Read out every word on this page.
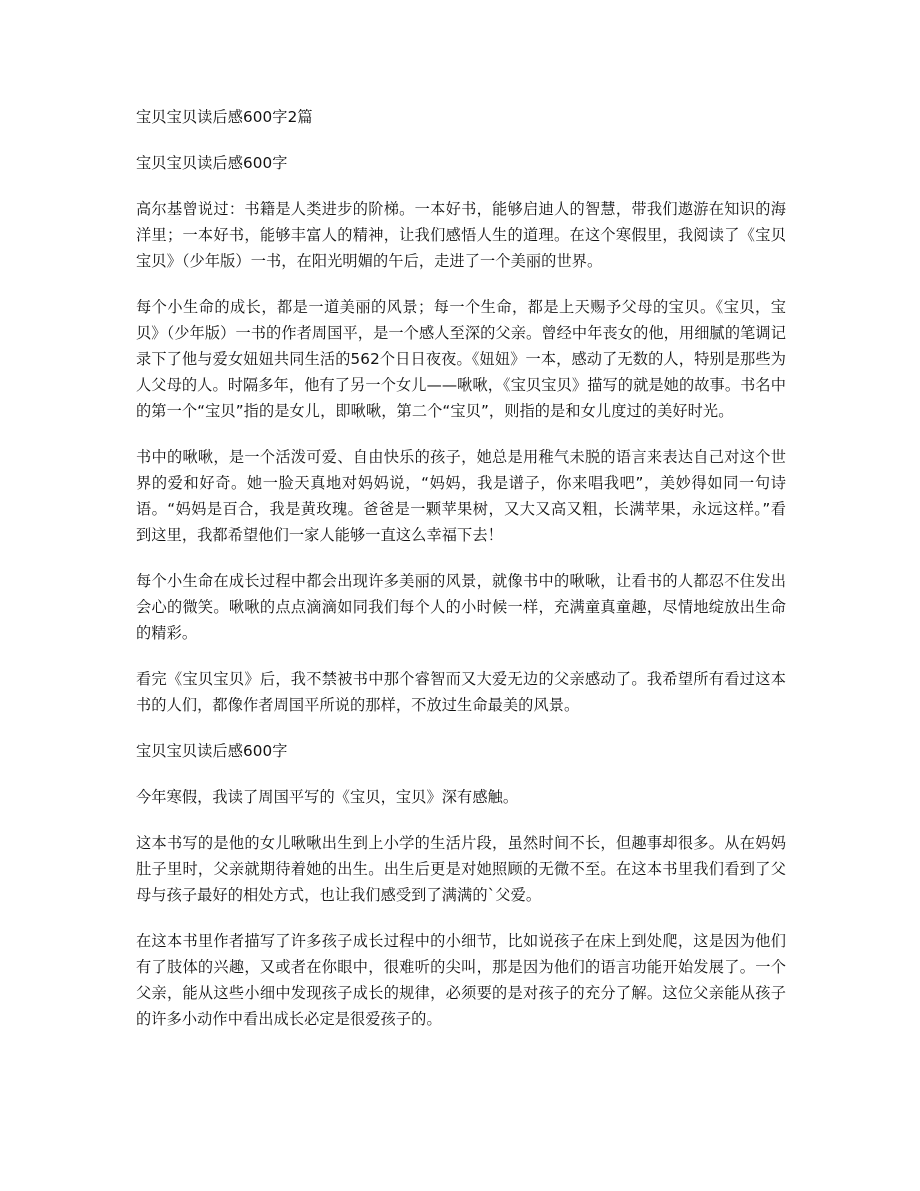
宝贝宝贝读后感600字2篇
宝贝宝贝读后感600字
高尔基曾说过：书籍是人类进步的阶梯。一本好书，能够启迪人的智慧，带我们遨游在知识的海洋里；一本好书，能够丰富人的精神，让我们感悟人生的道理。在这个寒假里，我阅读了《宝贝宝贝》（少年版）一书，在阳光明媚的午后，走进了一个美丽的世界。
每个小生命的成长，都是一道美丽的风景；每一个生命，都是上天赐予父母的宝贝。《宝贝，宝贝》（少年版）一书的作者周国平，是一个感人至深的父亲。曾经中年丧女的他，用细腻的笔调记录下了他与爱女妞妞共同生活的562个日日夜夜。《妞妞》一本，感动了无数的人，特别是那些为人父母的人。时隔多年，他有了另一个女儿——啾啾，《宝贝宝贝》描写的就是她的故事。书名中的第一个“宝贝”指的是女儿，即啾啾，第二个“宝贝”，则指的是和女儿度过的美好时光。
书中的啾啾，是一个活泼可爱、自由快乐的孩子，她总是用稚气未脱的语言来表达自己对这个世界的爱和好奇。她一脸天真地对妈妈说，“妈妈，我是谱子，你来唱我吧”，美妙得如同一句诗语。“妈妈是百合，我是黄玫瑰。爸爸是一颗苹果树，又大又高又粗，长满苹果，永远这样。”看到这里，我都希望他们一家人能够一直这么幸福下去！
每个小生命在成长过程中都会出现许多美丽的风景，就像书中的啾啾，让看书的人都忍不住发出会心的微笑。啾啾的点点滴滴如同我们每个人的小时候一样，充满童真童趣，尽情地绽放出生命的精彩。
看完《宝贝宝贝》后，我不禁被书中那个睿智而又大爱无边的父亲感动了。我希望所有看过这本书的人们，都像作者周国平所说的那样，不放过生命最美的风景。
宝贝宝贝读后感600字
今年寒假，我读了周国平写的《宝贝，宝贝》深有感触。
这本书写的是他的女儿啾啾出生到上小学的生活片段，虽然时间不长，但趣事却很多。从在妈妈肚子里时，父亲就期待着她的出生。出生后更是对她照顾的无微不至。在这本书里我们看到了父母与孩子最好的相处方式，也让我们感受到了满满的`父爱。
在这本书里作者描写了许多孩子成长过程中的小细节，比如说孩子在床上到处爬，这是因为他们有了肢体的兴趣，又或者在你眼中，很难听的尖叫，那是因为他们的语言功能开始发展了。一个父亲，能从这些小细中发现孩子成长的规律，必须要的是对孩子的充分了解。这位父亲能从孩子的许多小动作中看出成长必定是很爱孩子的。
